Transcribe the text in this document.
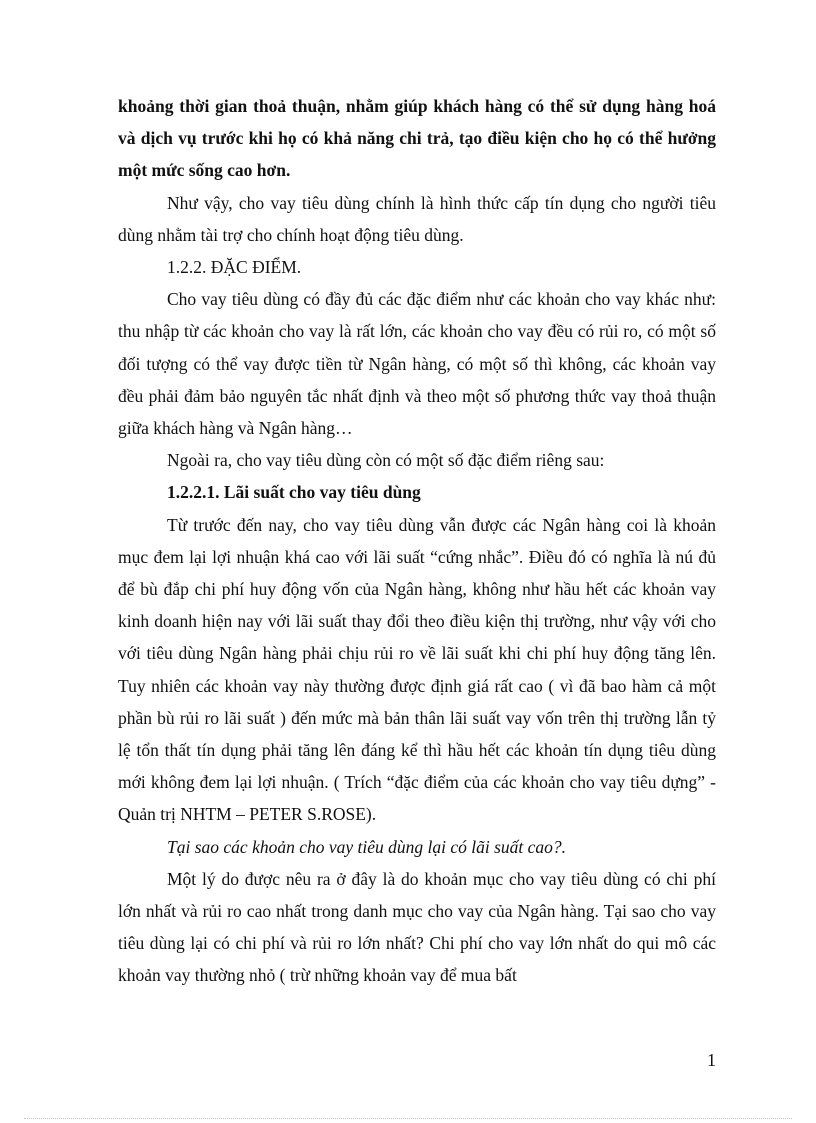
khoảng thời gian thoả thuận, nhằm giúp khách hàng có thể sử dụng hàng hoá và dịch vụ trước khi họ có khả năng chi trả, tạo điều kiện cho họ có thể hưởng một mức sống cao hơn.

Như vậy, cho vay tiêu dùng chính là hình thức cấp tín dụng cho người tiêu dùng nhằm tài trợ cho chính hoạt động tiêu dùng.

1.2.2. ĐẶC ĐIỂM.

Cho vay tiêu dùng có đầy đủ các đặc điểm như các khoản cho vay khác như: thu nhập từ các khoản cho vay là rất lớn, các khoản cho vay đều có rủi ro, có một số đối tượng có thể vay được tiền từ Ngân hàng, có một số thì không, các khoản vay đều phải đảm bảo nguyên tắc nhất định và theo một số phương thức vay thoả thuận giữa khách hàng và Ngân hàng…

Ngoài ra, cho vay tiêu dùng còn có một số đặc điểm riêng sau:

1.2.2.1. Lãi suất cho vay tiêu dùng

Từ trước đến nay, cho vay tiêu dùng vẫn được các Ngân hàng coi là khoản mục đem lại lợi nhuận khá cao với lãi suất “cứng nhắc”. Điều đó có nghĩa là nú đủ để bù đắp chi phí huy động vốn của Ngân hàng, không như hầu hết các khoản vay kinh doanh hiện nay với lãi suất thay đổi theo điều kiện thị trường, như vậy với cho với tiêu dùng Ngân hàng phải chịu rủi ro về lãi suất khi chi phí huy động tăng lên. Tuy nhiên các khoản vay này thường được định giá rất cao ( vì đã bao hàm cả một phần bù rủi ro lãi suất ) đến mức mà bản thân lãi suất vay vốn trên thị trường lẫn tỷ lệ tổn thất tín dụng phải tăng lên đáng kể thì hầu hết các khoản tín dụng tiêu dùng mới không đem lại lợi nhuận. ( Trích “đặc điểm của các khoản cho vay tiêu dựng” - Quản trị NHTM – PETER S.ROSE).

Tại sao các khoản cho vay tiêu dùng lại có lãi suất cao?.

Một lý do được nêu ra ở đây là do khoản mục cho vay tiêu dùng có chi phí lớn nhất và rủi ro cao nhất trong danh mục cho vay của Ngân hàng. Tại sao cho vay tiêu dùng lại có chi phí và rủi ro lớn nhất? Chi phí cho vay lớn nhất do qui mô các khoản vay thường nhỏ ( trừ những khoản vay để mua bất

1
